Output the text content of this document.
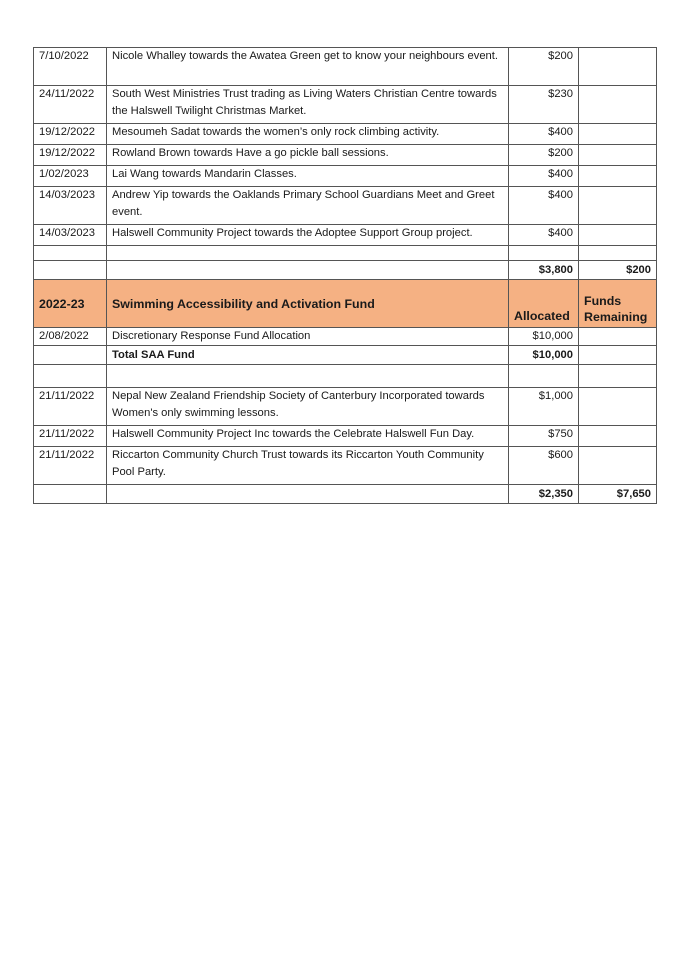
7/10/2022	Nicole Whalley towards the Awatea Green get to know your neighbours event.	$200	
24/11/2022	South West Ministries Trust trading as Living Waters Christian Centre towards the Halswell Twilight Christmas Market.	$230	
19/12/2022	Mesoumeh Sadat towards the women’s only rock climbing activity.	$400	
19/12/2022	Rowland Brown towards Have a go pickle ball sessions.	$200	
1/02/2023	Lai Wang towards Mandarin Classes.	$400	
14/03/2023	Andrew Yip towards the Oaklands Primary School Guardians Meet and Greet event.	$400	
14/03/2023	Halswell Community Project towards the Adoptee Support Group project.	$400	

		$3,800	$200
2022-23	Swimming Accessibility and Activation Fund	Allocated	Funds Remaining
2/08/2022	Discretionary Response Fund Allocation	$10,000	
	Total SAA Fund	$10,000	

21/11/2022	Nepal New Zealand Friendship Society of Canterbury Incorporated towards Women's only swimming lessons.	$1,000	
21/11/2022	Halswell Community Project Inc towards the Celebrate Halswell Fun Day.	$750	
21/11/2022	Riccarton Community Church Trust towards its Riccarton Youth Community Pool Party.	$600	
		$2,350	$7,650
